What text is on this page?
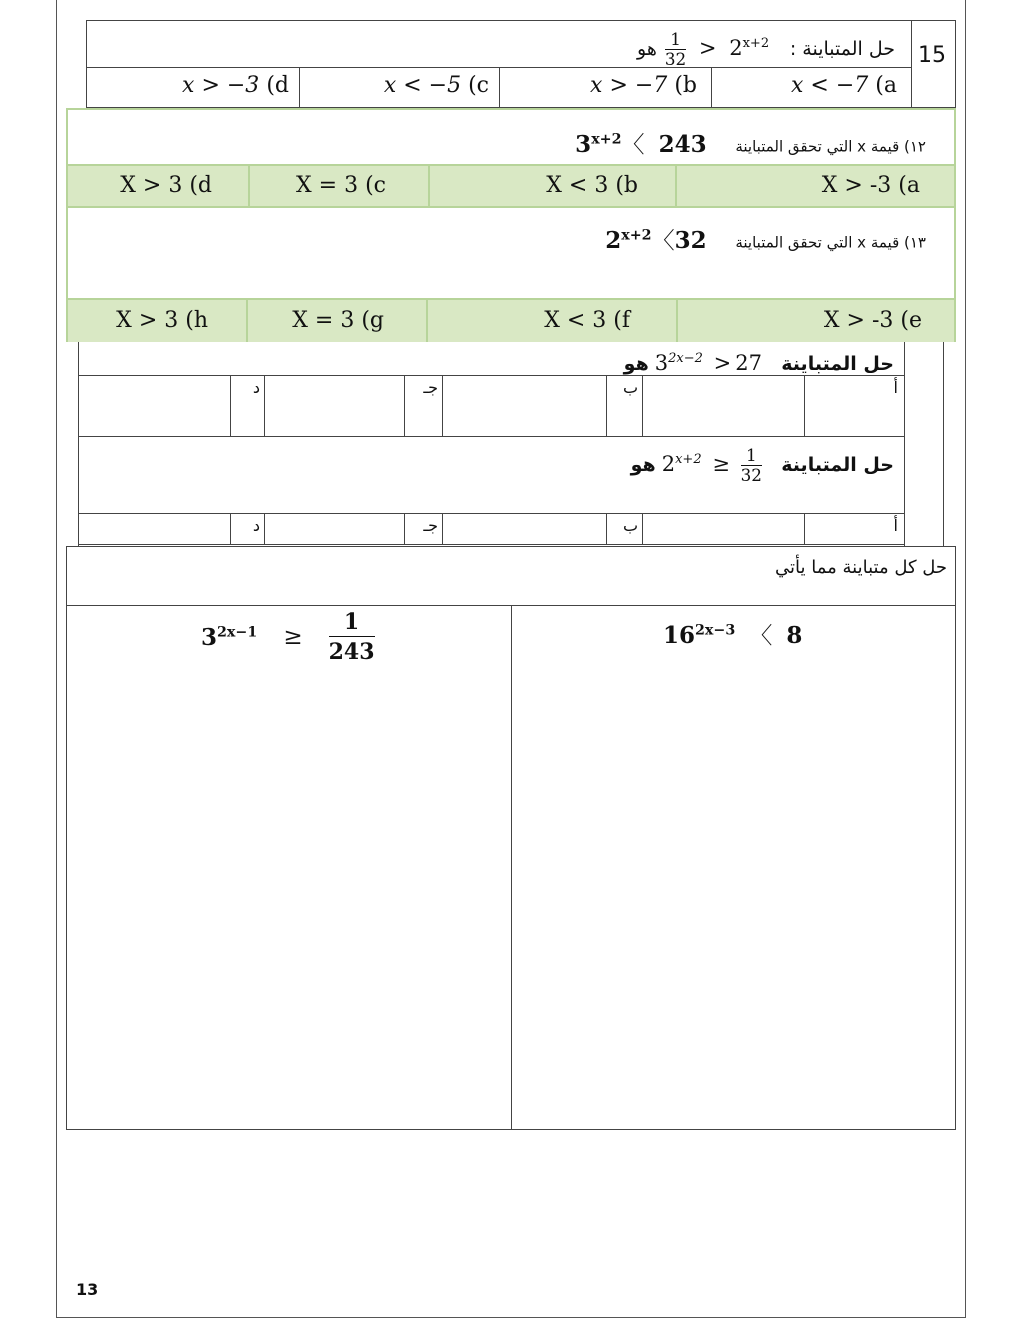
15
حل المتباينة :
$\frac{1}{32} > 2^{x+2}$ هو
x < −7 (a
x > −7 (b
x < −5 (c
x > −3 (d
١٢) قيمة x التي تحقق المتباينة $3^{x+2}$〈 243
X > -3 (a
X < 3 (b
X = 3 (c
X > 3 (d
١٣) قيمة x التي تحقق المتباينة $2^{x+2}$〈32
X > -3 (e
X < 3 (f
X = 3 (g
X > 3 (h
حل المتباينة $3^{2x-2} > 27$ هو
أ
ب
جـ
د
حل المتباينة $2^{x+2} \ge \frac{1}{32}$
هو
أ
ب
جـ
د
حل كل متباينة مما يأتي
$16^{2x-3}$ 〈 8
$3^{2x-1} \ge \frac{1}{243}$
13
